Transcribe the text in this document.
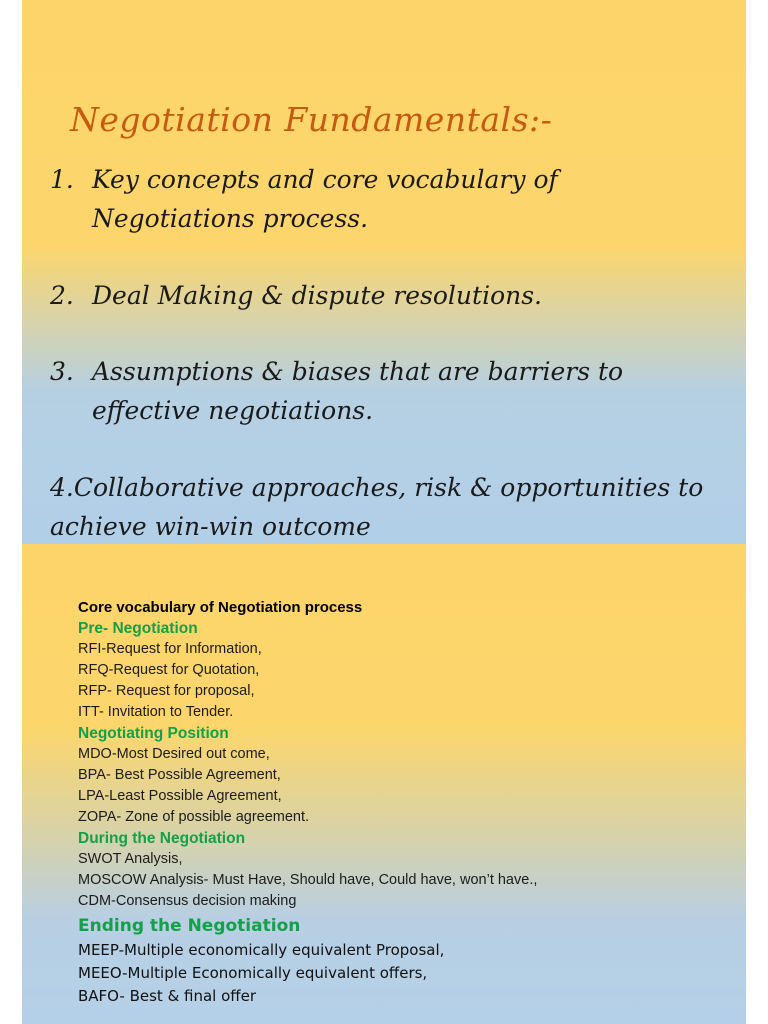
Negotiation Fundamentals:-

1. Key concepts and core vocabulary of
Negotiations process.

2. Deal Making & dispute resolutions.

3. Assumptions & biases that are barriers to
effective negotiations.

4.Collaborative approaches, risk & opportunities to
achieve win-win outcome

Core vocabulary of Negotiation process
Pre- Negotiation
RFI-Request for Information,
RFQ-Request for Quotation,
RFP- Request for proposal,
ITT- Invitation to Tender.
Negotiating Position
MDO-Most Desired out come,
BPA- Best Possible Agreement,
LPA-Least Possible Agreement,
ZOPA- Zone of possible agreement.
During the Negotiation
SWOT Analysis,
MOSCOW Analysis- Must Have, Should have, Could have, won’t have.,
CDM-Consensus decision making
Ending the Negotiation
MEEP-Multiple economically equivalent Proposal,
MEEO-Multiple Economically equivalent offers,
BAFO- Best & final offer
